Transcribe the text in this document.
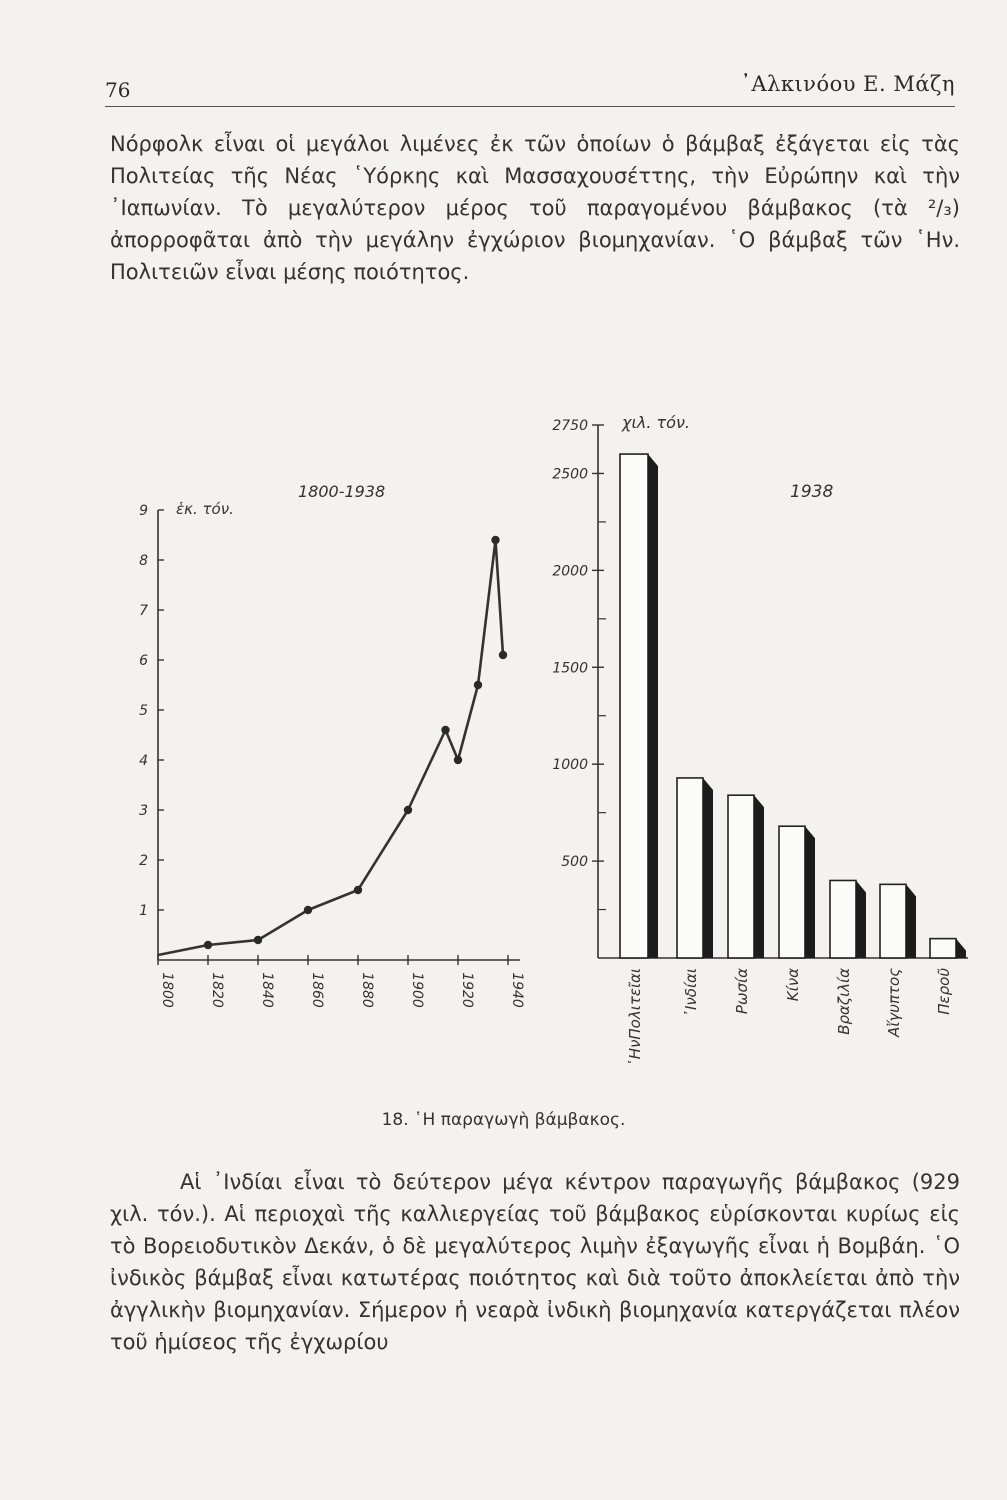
76	᾿Αλκινόου Ε. Μάζη
Νόρφολκ εἶναι οἱ μεγάλοι λιμένες ἐκ τῶν ὁποίων ὁ βάμβαξ ἐξάγεται εἰς τὰς Πολιτείας τῆς Νέας ῾Υόρκης καὶ Μασσαχουσέττης, τὴν Εὐρώπην καὶ τὴν ᾿Ιαπωνίαν. Τὸ μεγαλύτερον μέρος τοῦ παραγομένου βάμβακος (τὰ ²/₃) ἀπορροφᾶται ἀπὸ τὴν μεγάλην ἐγχώριον βιομηχανίαν. ῾Ο βάμβαξ τῶν ῾Ην. Πολιτειῶν εἶναι μέσης ποιότητος.
1
2
3
4
5
6
7
8
9
1800 1820 1840 1860 1880 1900 1920 1940
ἑκ. τόν.
1800-1938
500
1000
1500
2000
2500
2750 χιλ. τόν.
1938
῾ΗνΠολιτεῖαι	᾿Ινδίαι Ρωσία Κίνα Βραζιλία Αἴγυπτος Περοῦ
18. ῾Η παραγωγὴ βάμβακος.
Αἱ ᾿Ινδίαι εἶναι τὸ δεύτερον μέγα κέντρον παραγωγῆς βάμβακος (929 χιλ. τόν.). Αἱ περιοχαὶ τῆς καλλιεργείας τοῦ βάμβακος εὑρίσκονται κυρίως εἰς τὸ Βορειοδυτικὸν Δεκάν, ὁ δὲ μεγαλύτερος λιμὴν ἐξαγωγῆς εἶναι ἡ Βομβάη. ῾Ο ἰνδικὸς βάμβαξ εἶναι κατωτέρας ποιότητος καὶ διὰ τοῦτο ἀποκλείεται ἀπὸ τὴν ἀγγλικὴν βιομηχανίαν. Σήμερον ἡ νεαρὰ ἰνδικὴ βιομηχανία κατεργάζεται πλέον τοῦ ἡμίσεος τῆς ἐγχωρίου
